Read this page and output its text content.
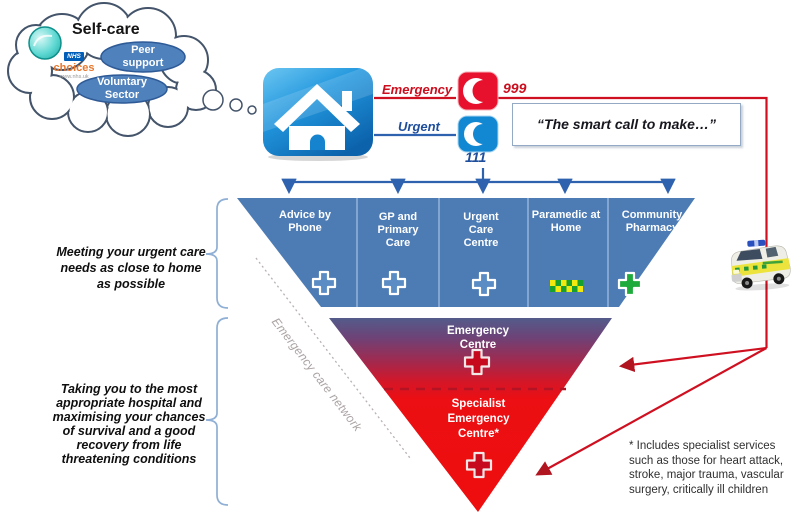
Self-care
NHS
choices
www.nhs.uk
Peer support
Voluntary Sector	Emergency	999
Urgent
111
“The smart call to make…”
Advice by Phone
GP and Primary Care
Urgent Care Centre
Paramedic at Home
Community Pharmacy
Emergency care network	Emergency Centre
Specialist Emergency Centre*
Meeting your urgent care needs as close to home as possible
Taking you to the most appropriate hospital and maximising your chances of survival and a good recovery from life threatening conditions
* Includes specialist services such as those for heart attack, stroke, major trauma, vascular surgery, critically ill children
